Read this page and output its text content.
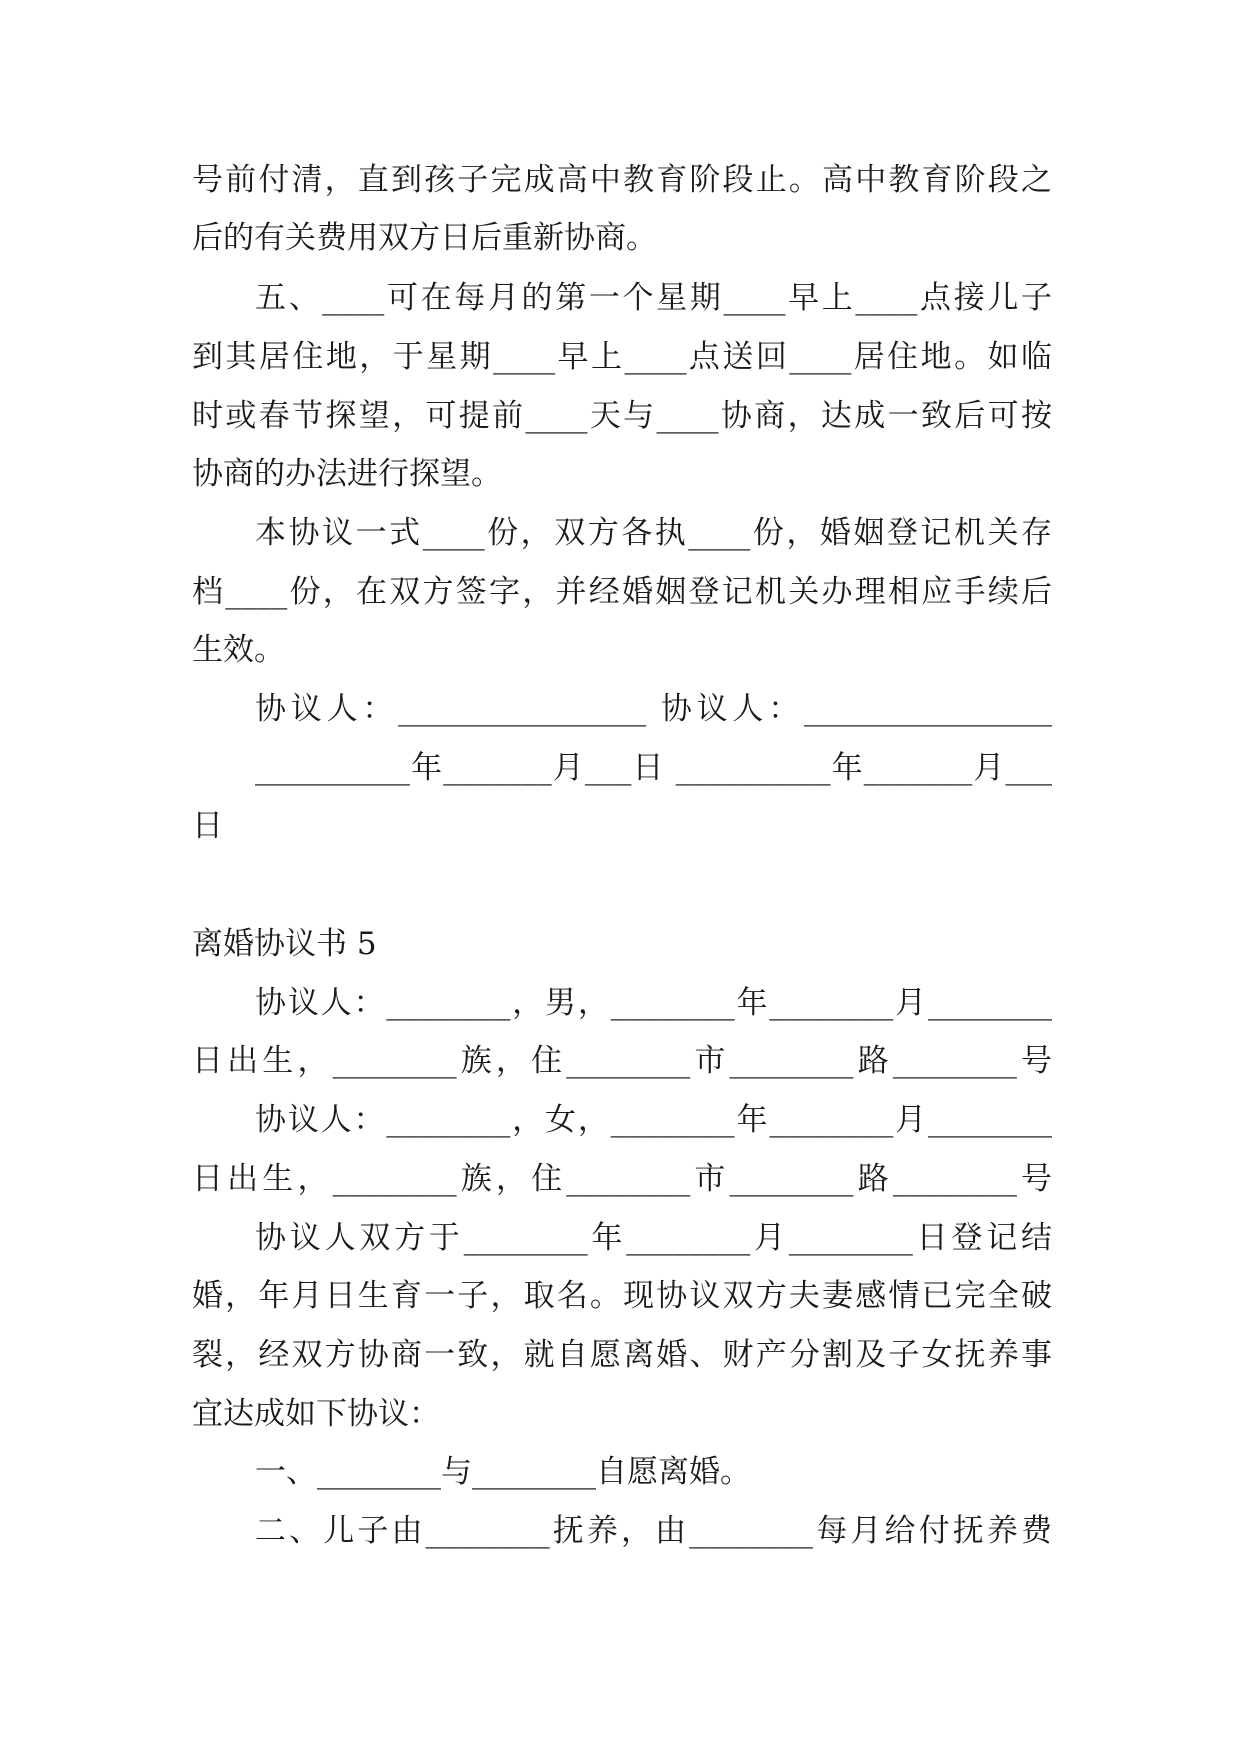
号前付清，直到孩子完成高中教育阶段止。高中教育阶段之
后的有关费用双方日后重新协商。
五、____可在每月的第一个星期____早上____点接儿子
到其居住地，于星期____早上____点送回____居住地。如临
时或春节探望，可提前____天与____协商，达成一致后可按
协商的办法进行探望。
本协议一式____份，双方各执____份，婚姻登记机关存
档____份，在双方签字，并经婚姻登记机关办理相应手续后
生效。
协议人：________________ 协议人：________________
__________年_______月___日 __________年_______月___
日
离婚协议书 5
协议人：________，男，________年________月________
日出生，________族，住________市________路________号
协议人：________，女，________年________月________
日出生，________族，住________市________路________号
协议人双方于________年________月________日登记结
婚，年月日生育一子，取名。现协议双方夫妻感情已完全破
裂，经双方协商一致，就自愿离婚、财产分割及子女抚养事
宜达成如下协议：
一、________与________自愿离婚。
二、儿子由________抚养，由________每月给付抚养费
